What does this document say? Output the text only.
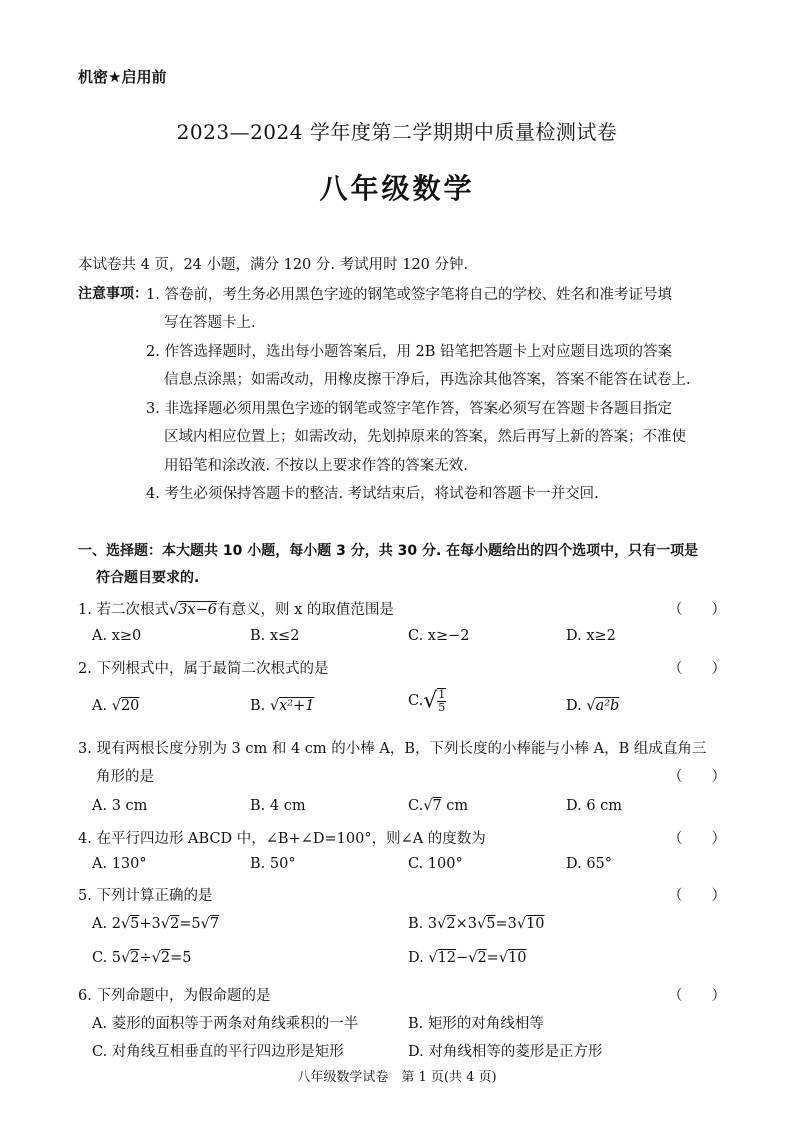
机密★启用前
2023—2024 学年度第二学期期中质量检测试卷
八年级数学
本试卷共 4 页，24 小题，满分 120 分. 考试用时 120 分钟.
注意事项：
1. 答卷前，考生务必用黑色字迹的钢笔或签字笔将自己的学校、姓名和准考证号填
写在答题卡上.
2. 作答选择题时，选出每小题答案后，用 2B 铅笔把答题卡上对应题目选项的答案
信息点涂黑；如需改动，用橡皮擦干净后，再选涂其他答案，答案不能答在试卷上.
3. 非选择题必须用黑色字迹的钢笔或签字笔作答，答案必须写在答题卡各题目指定
区域内相应位置上；如需改动，先划掉原来的答案，然后再写上新的答案；不准使
用铅笔和涂改液. 不按以上要求作答的答案无效.
4. 考生必须保持答题卡的整洁. 考试结束后，将试卷和答题卡一并交回.
一、选择题：本大题共 10 小题，每小题 3 分，共 30 分. 在每小题给出的四个选项中，只有一项是
符合题目要求的.
1. 若二次根式√3x−6有意义，则 x 的取值范围是	（　　）
A. x≥0	B. x≤2	C. x≥−2	D. x≥2
2. 下列根式中，属于最简二次根式的是	（　　）
A. √20	B. √x²+1	$C.√ \frac{1}{5}$	D. √a²b
3. 现有两根长度分别为 3 cm 和 4 cm 的小棒 A，B，下列长度的小棒能与小棒 A，B 组成直角三
角形的是	（　　）
A. 3 cm	B. 4 cm	C.√7 cm	D. 6 cm
4. 在平行四边形 ABCD 中，∠B+∠D=100°，则∠A 的度数为	（　　）
A. 130°	B. 50°	C. 100°	D. 65°
5. 下列计算正确的是	（　　）
A. 2√5+3√2=5√7	B. 3√2×3√5=3√10
C. 5√2÷√2=5	D. √12−√2=√10
6. 下列命题中，为假命题的是	（　　）
A. 菱形的面积等于两条对角线乘积的一半	B. 矩形的对角线相等
C. 对角线互相垂直的平行四边形是矩形	D. 对角线相等的菱形是正方形
八年级数学试卷　第 1 页(共 4 页)
